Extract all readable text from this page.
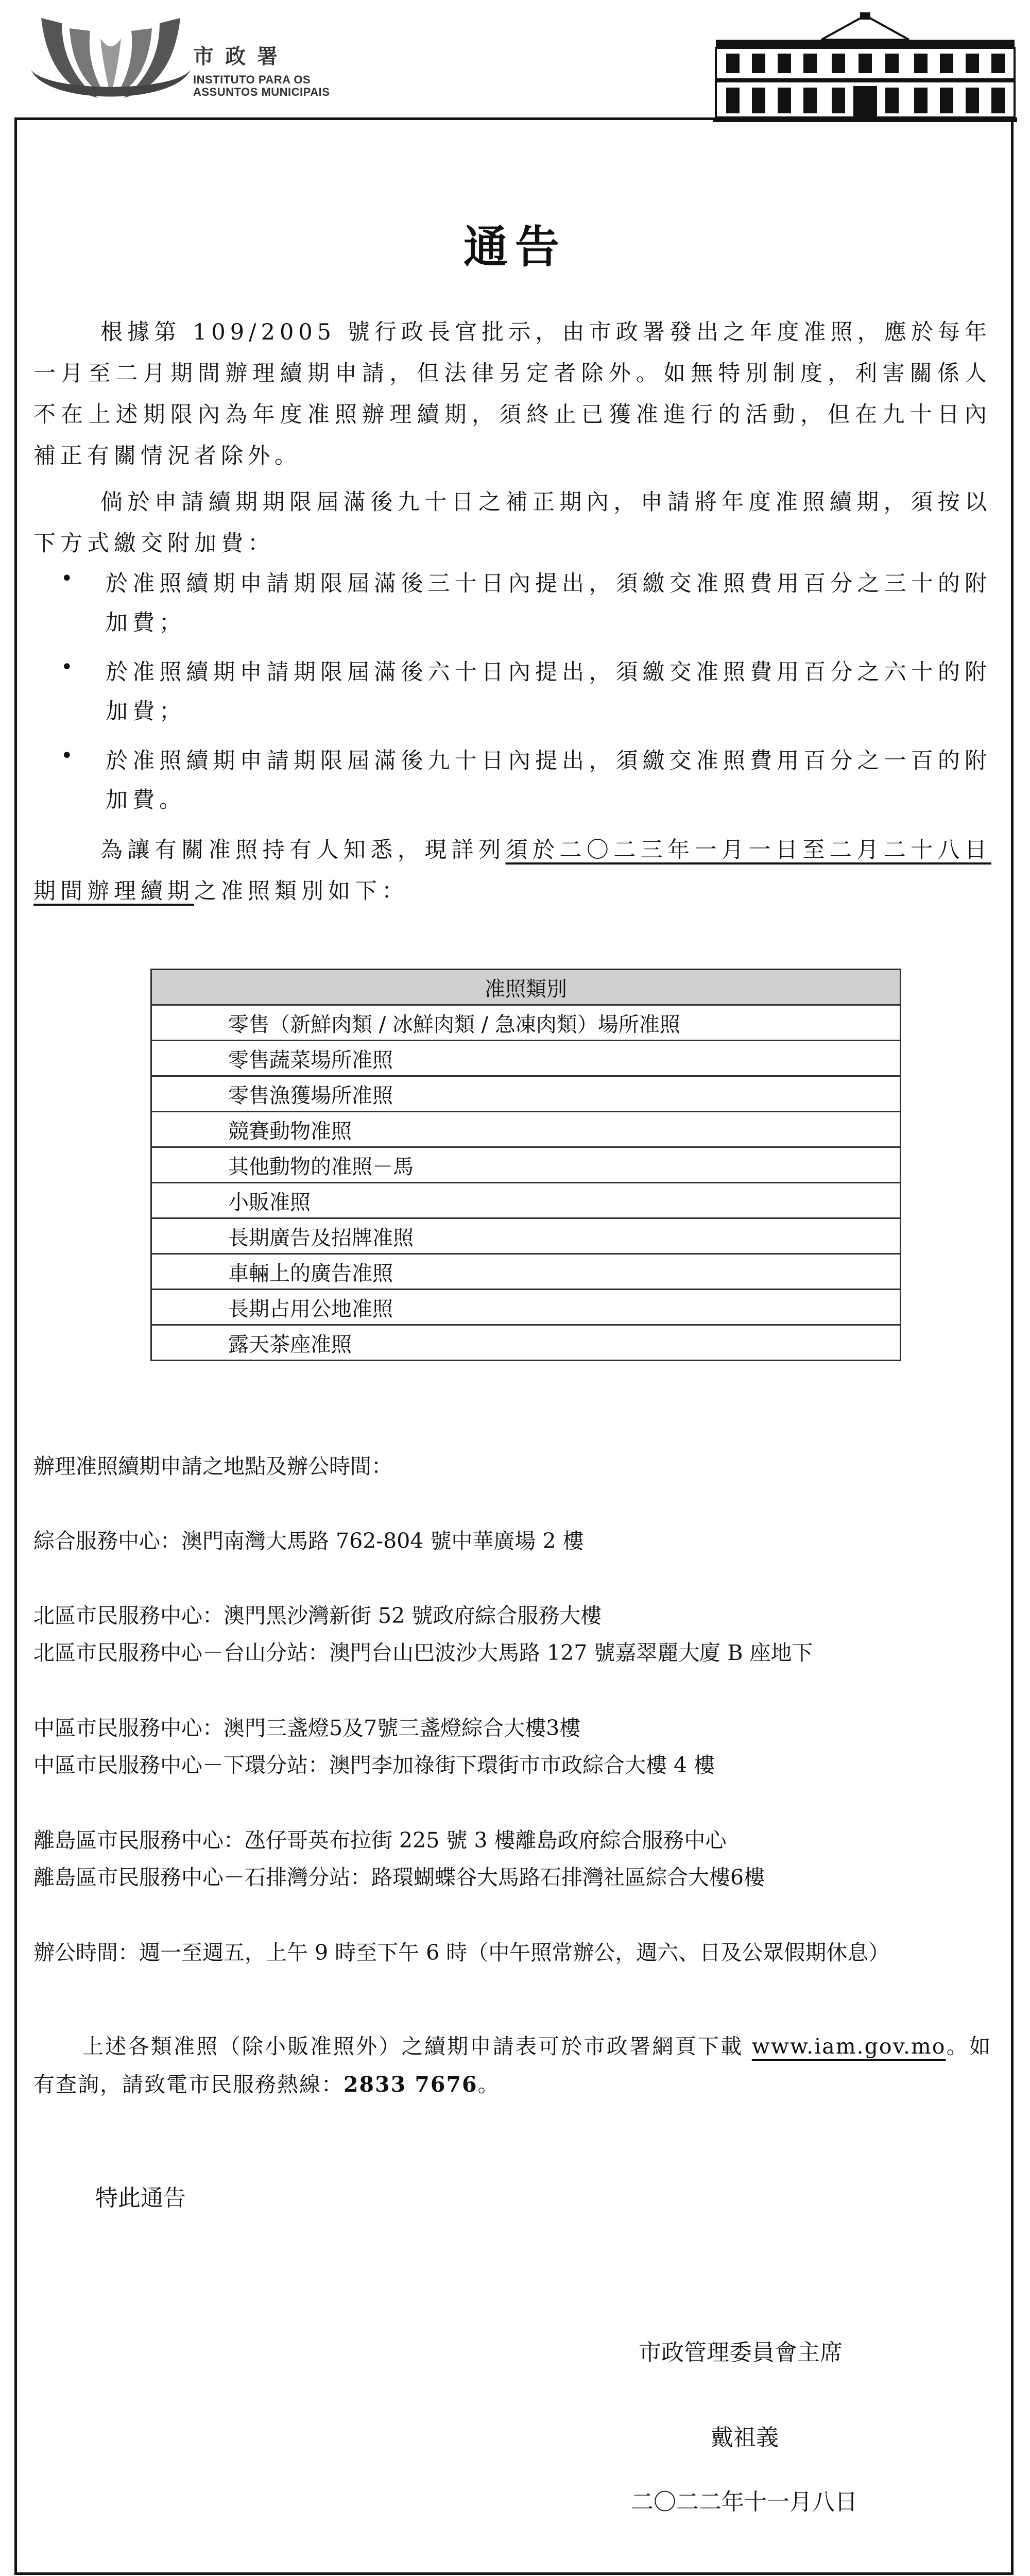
市政署
INSTITUTO PARA OS
ASSUNTOS MUNICIPAIS
通告

根據第 109/2005 號行政長官批示，由市政署發出之年度准照，應於每年一月至二月期間辦理續期申請，但法律另定者除外。如無特別制度，利害關係人不在上述期限內為年度准照辦理續期，須終止已獲准進行的活動，但在九十日內補正有關情況者除外。

倘於申請續期期限屆滿後九十日之補正期內，申請將年度准照續期，須按以下方式繳交附加費：

• 於准照續期申請期限屆滿後三十日內提出，須繳交准照費用百分之三十的附加費；

• 於准照續期申請期限屆滿後六十日內提出，須繳交准照費用百分之六十的附加費；

• 於准照續期申請期限屆滿後九十日內提出，須繳交准照費用百分之一百的附加費。

為讓有關准照持有人知悉，現詳列須於二〇二三年一月一日至二月二十八日期間辦理續期之准照類別如下：

准照類別
零售（新鮮肉類 / 冰鮮肉類 / 急凍肉類）場所准照
零售蔬菜場所准照
零售漁獲場所准照
競賽動物准照
其他動物的准照－馬
小販准照
長期廣告及招牌准照
車輛上的廣告准照
長期占用公地准照
露天茶座准照
辦理准照續期申請之地點及辦公時間：
綜合服務中心：澳門南灣大馬路 762-804 號中華廣場 2 樓
北區市民服務中心：澳門黑沙灣新街 52 號政府綜合服務大樓
北區市民服務中心－台山分站：澳門台山巴波沙大馬路 127 號嘉翠麗大廈 B 座地下
中區市民服務中心：澳門三盞燈5及7號三盞燈綜合大樓3樓
中區市民服務中心－下環分站：澳門李加祿街下環街市市政綜合大樓 4 樓
離島區市民服務中心：氹仔哥英布拉街 225 號 3 樓離島政府綜合服務中心
離島區市民服務中心－石排灣分站：路環蝴蝶谷大馬路石排灣社區綜合大樓6樓
辦公時間：週一至週五，上午 9 時至下午 6 時（中午照常辦公，週六、日及公眾假期休息）

上述各類准照（除小販准照外）之續期申請表可於市政署網頁下載 www.iam.gov.mo。如有查詢，請致電市民服務熱線：2833 7676。

特此通告
市政管理委員會主席
戴祖義
二〇二二年十一月八日
